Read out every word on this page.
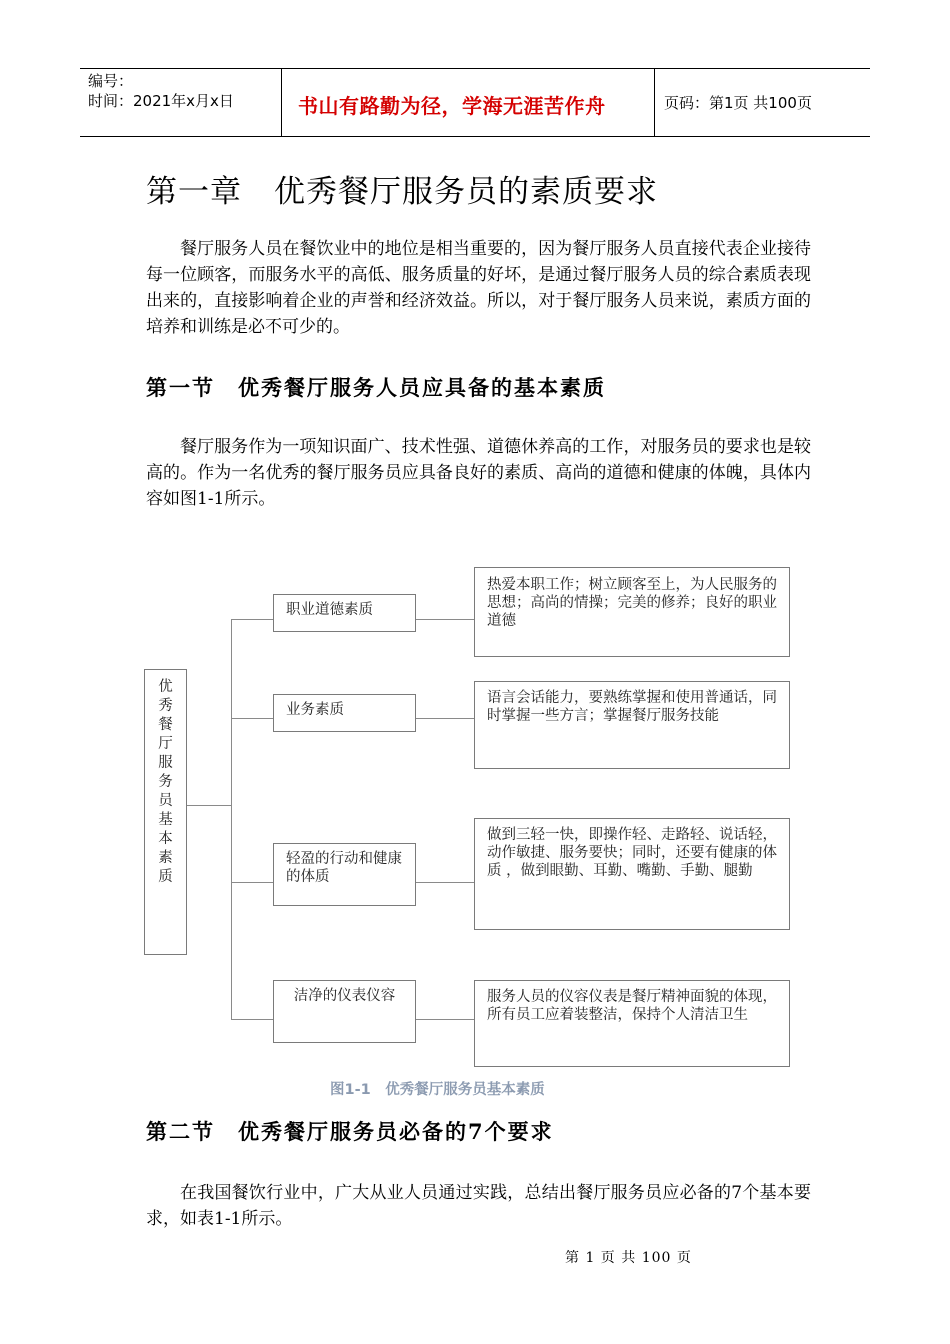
编号：
时间：2021年x月x日	书山有路勤为径，学海无涯苦作舟	页码：第1页 共100页
第一章　优秀餐厅服务员的素质要求
餐厅服务人员在餐饮业中的地位是相当重要的，因为餐厅服务人员直接代表企业接待每一位顾客，而服务水平的高低、服务质量的好坏，是通过餐厅服务人员的综合素质表现出来的，直接影响着企业的声誉和经济效益。所以，对于餐厅服务人员来说，素质方面的培养和训练是必不可少的。
第一节　优秀餐厅服务人员应具备的基本素质
餐厅服务作为一项知识面广、技术性强、道德休养高的工作，对服务员的要求也是较高的。作为一名优秀的餐厅服务员应具备良好的素质、高尚的道德和健康的体魄，具体内容如图1-1所示。
优秀餐厅服务员基本素质
职业道德素质
热爱本职工作；树立顾客至上，为人民服务的思想；高尚的情操；完美的修养；良好的职业道德
业务素质
语言会话能力，要熟练掌握和使用普通话，同时掌握一些方言；掌握餐厅服务技能
轻盈的行动和健康的体质
做到三轻一快，即操作轻、走路轻、说话轻，动作敏捷、服务要快；同时，还要有健康的体质 ，做到眼勤、耳勤、嘴勤、手勤、腿勤
洁净的仪表仪容	服务人员的仪容仪表是餐厅精神面貌的体现，所有员工应着装整洁，保持个人清洁卫生
图1-1　优秀餐厅服务员基本素质
第二节　优秀餐厅服务员必备的7个要求
在我国餐饮行业中，广大从业人员通过实践，总结出餐厅服务员应必备的7个基本要求，如表1-1所示。
第 1 页 共 100 页
